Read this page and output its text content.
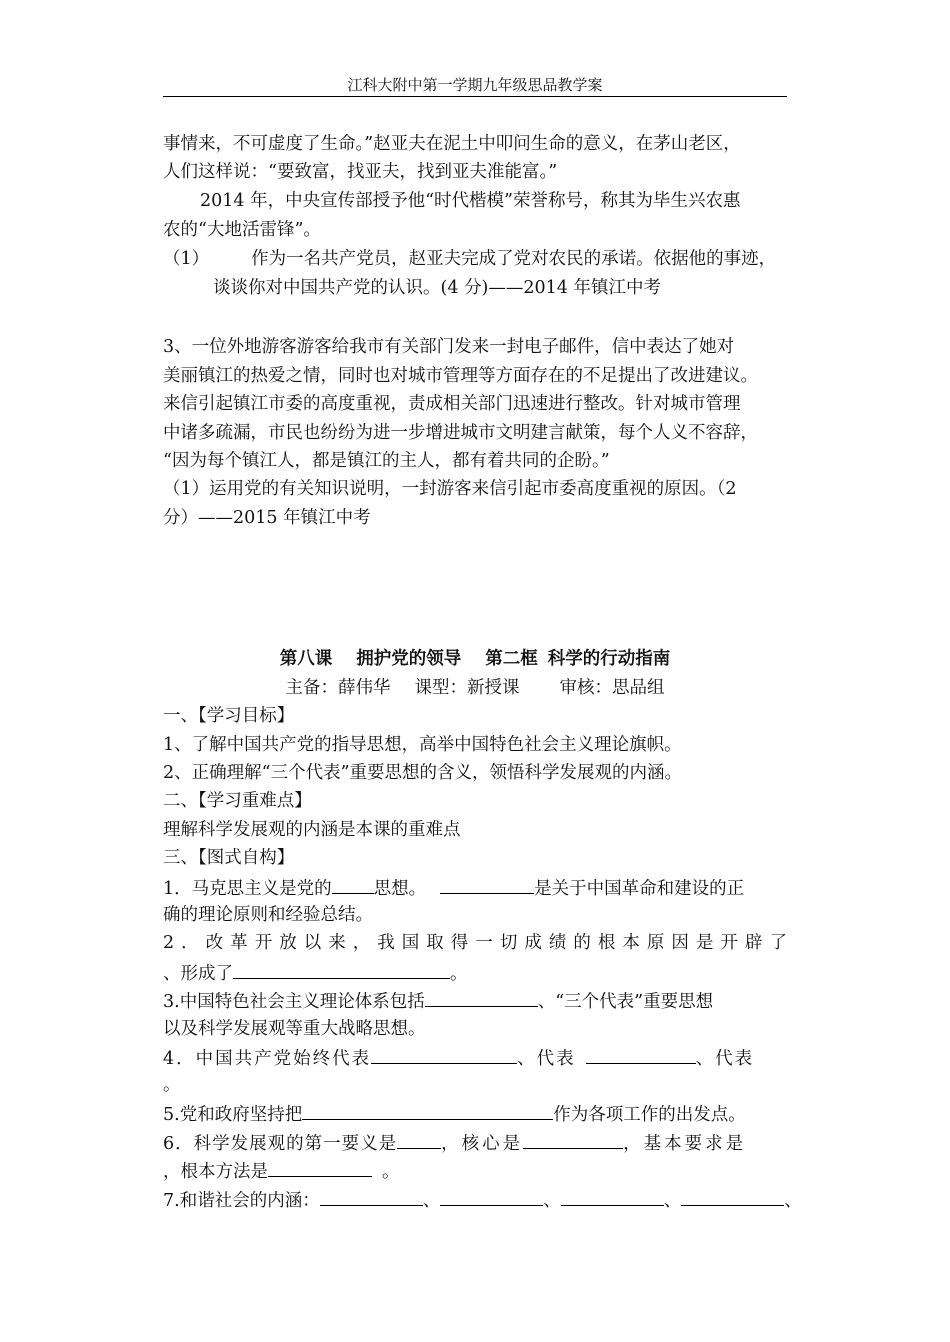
江科大附中第一学期九年级思品教学案
事情来，不可虚度了生命。”赵亚夫在泥土中叩问生命的意义，在茅山老区，
人们这样说：“要致富，找亚夫，找到亚夫准能富。”
2014 年，中央宣传部授予他“时代楷模”荣誉称号，称其为毕生兴农惠
农的“大地活雷锋”。
（1） 作为一名共产党员，赵亚夫完成了党对农民的承诺。依据他的事迹，
谈谈你对中国共产党的认识。(4 分)——2014 年镇江中考
3、一位外地游客游客给我市有关部门发来一封电子邮件，信中表达了她对
美丽镇江的热爱之情，同时也对城市管理等方面存在的不足提出了改进建议。
来信引起镇江市委的高度重视，责成相关部门迅速进行整改。针对城市管理
中诸多疏漏，市民也纷纷为进一步增进城市文明建言献策，每个人义不容辞，
“因为每个镇江人，都是镇江的主人，都有着共同的企盼。”
（1）运用党的有关知识说明，一封游客来信引起市委高度重视的原因。（2
分）——2015 年镇江中考
第八课 拥护党的领导 第二框 科学的行动指南
主备：薛伟华 课型：新授课 审核：思品组
一、【学习目标】
1、了解中国共产党的指导思想，高举中国特色社会主义理论旗帜。
2、正确理解“三个代表”重要思想的含义，领悟科学发展观的内涵。
二、【学习重难点】
理解科学发展观的内涵是本课的重难点
三、【图式自构】
1．马克思主义是党的 思想。	是关于中国革命和建设的正
确的理论原则和经验总结。
2．改革开放以来，我国取得一切成绩的根本原因是开辟了
、形成了	。
3.中国特色社会主义理论体系包括	、“三个代表”重要思想
以及科学发展观等重大战略思想。
4．中国共产党始终代表	、代表	、代表
。
5.党和政府坚持把	作为各项工作的出发点。
6．科学发展观的第一要义是	，核心是	，基本要求是
，根本方法是	。
7.和谐社会的内涵：	、	、	、	、
